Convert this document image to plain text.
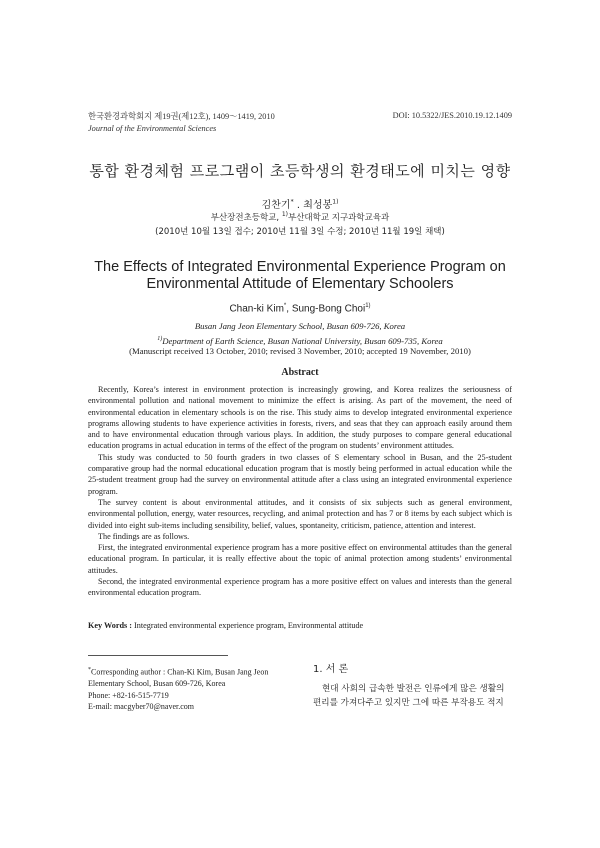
한국환경과학회지 제19권(제12호), 1409～1419, 2010
Journal of the Environmental Sciences
DOI: 10.5322/JES.2010.19.12.1409
통합 환경체험 프로그램이 초등학생의 환경태도에 미치는 영향
김찬기* ․ 최성봉$^{1)}$
부산장전초등학교, $^{1)}$부산대학교 지구과학교육과
(2010년 10월 13일 접수; 2010년 11월 3일 수정; 2010년 11월 19일 채택)
The Effects of Integrated Environmental Experience Program on
Environmental Attitude of Elementary Schoolers
Chan-ki Kim*, Sung-Bong Choi$^{1)}$
Busan Jang Jeon Elementary School, Busan 609-726, Korea
$^{1)}$Department of Earth Science, Busan National University, Busan 609-735, Korea
(Manuscript received 13 October, 2010; revised 3 November, 2010; accepted 19 November, 2010)
Abstract

Recently, Korea’s interest in environment protection is increasingly growing, and Korea realizes the seriousness of environmental pollution and national movement to minimize the effect is arising. As part of the movement, the need of environmental education in elementary schools is on the rise. This study aims to develop integrated environmental experience programs allowing students to have experience activities in forests, rivers, and seas that they can approach easily around them and to have environmental education through various plays. In addition, the study purposes to compare general educational education programs in actual education in terms of the effect of the program on students’ environment attitudes.

This study was conducted to 50 fourth graders in two classes of S elementary school in Busan, and the 25-student comparative group had the normal educational education program that is mostly being performed in actual education while the 25-student treatment group had the survey on environmental attitude after a class using an integrated environmental experience program.

The survey content is about environmental attitudes, and it consists of six subjects such as general environment, environmental pollution, energy, water resources, recycling, and animal protection and has 7 or 8 items by each subject which is divided into eight sub-items including sensibility, belief, values, spontaneity, criticism, patience, attention and interest.

The findings are as follows.

First, the integrated environmental experience program has a more positive effect on environmental attitudes than the general educational program. In particular, it is really effective about the topic of animal protection among students’ environmental attitudes.

Second, the integrated environmental experience program has a more positive effect on values and interests than the general environmental education program.

Key Words : Integrated environmental experience program, Environmental attitude
*Corresponding author : Chan-Ki Kim, Busan Jang Jeon
Elementary School, Busan 609-726, Korea
Phone: +82-16-515-7719
E-mail: macgyber70@naver.com
1. 서 론
현대 사회의 급속한 발전은 인류에게 많은 생활의
편리를 가져다주고 있지만 그에 따른 부작용도 적지
